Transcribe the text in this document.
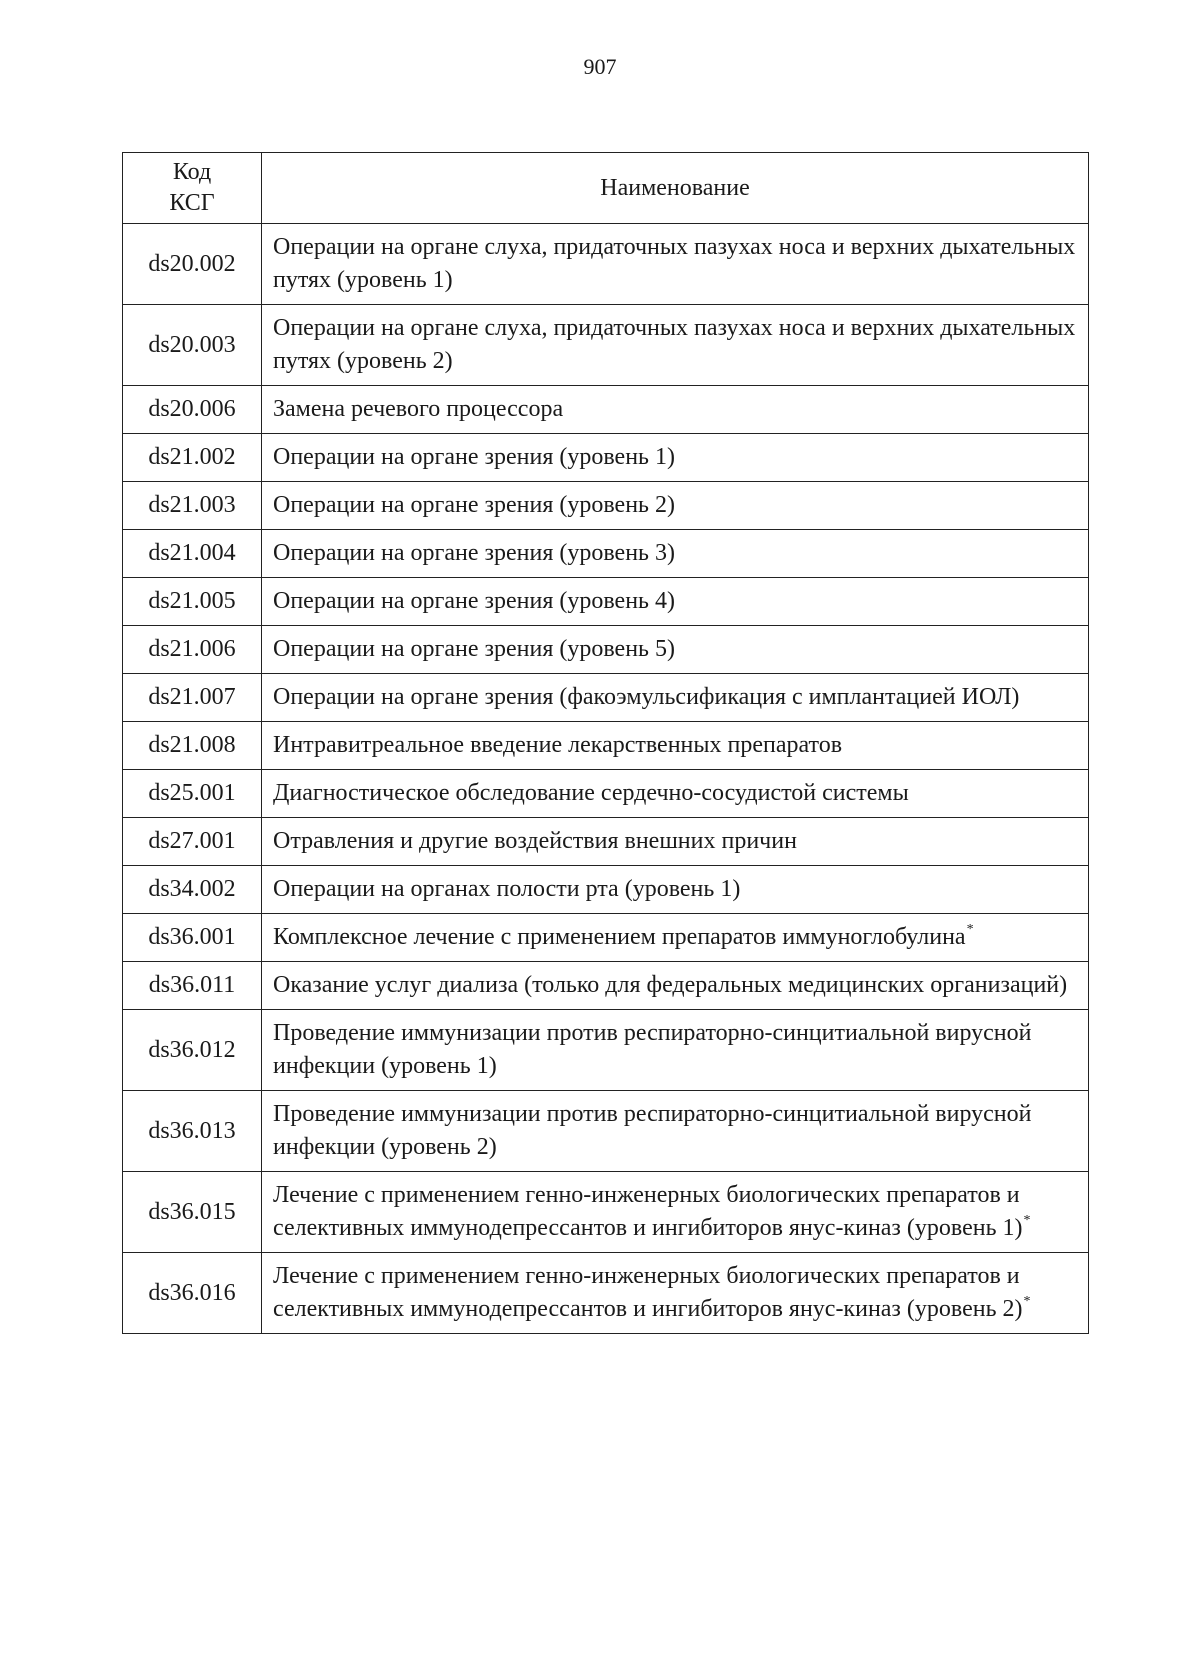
907
Код
КСГ	Наименование
ds20.002	Операции на органе слуха, придаточных пазухах носа и верхних дыхательных путях (уровень 1)
ds20.003	Операции на органе слуха, придаточных пазухах носа и верхних дыхательных путях (уровень 2)
ds20.006	Замена речевого процессора
ds21.002	Операции на органе зрения (уровень 1)
ds21.003	Операции на органе зрения (уровень 2)
ds21.004	Операции на органе зрения (уровень 3)
ds21.005	Операции на органе зрения (уровень 4)
ds21.006	Операции на органе зрения (уровень 5)
ds21.007	Операции на органе зрения (факоэмульсификация с имплантацией ИОЛ)
ds21.008	Интравитреальное введение лекарственных препаратов
ds25.001	Диагностическое обследование сердечно-сосудистой системы
ds27.001	Отравления и другие воздействия внешних причин
ds34.002	Операции на органах полости рта (уровень 1)
ds36.001	Комплексное лечение с применением препаратов иммуноглобулина*
ds36.011	Оказание услуг диализа (только для федеральных медицинских организаций)
ds36.012	Проведение иммунизации против респираторно-синцитиальной вирусной инфекции (уровень 1)
ds36.013	Проведение иммунизации против респираторно-синцитиальной вирусной инфекции (уровень 2)
ds36.015	Лечение с применением генно-инженерных биологических препаратов и селективных иммунодепрессантов и ингибиторов янус-киназ (уровень 1)*
ds36.016	Лечение с применением генно-инженерных биологических препаратов и селективных иммунодепрессантов и ингибиторов янус-киназ (уровень 2)*
